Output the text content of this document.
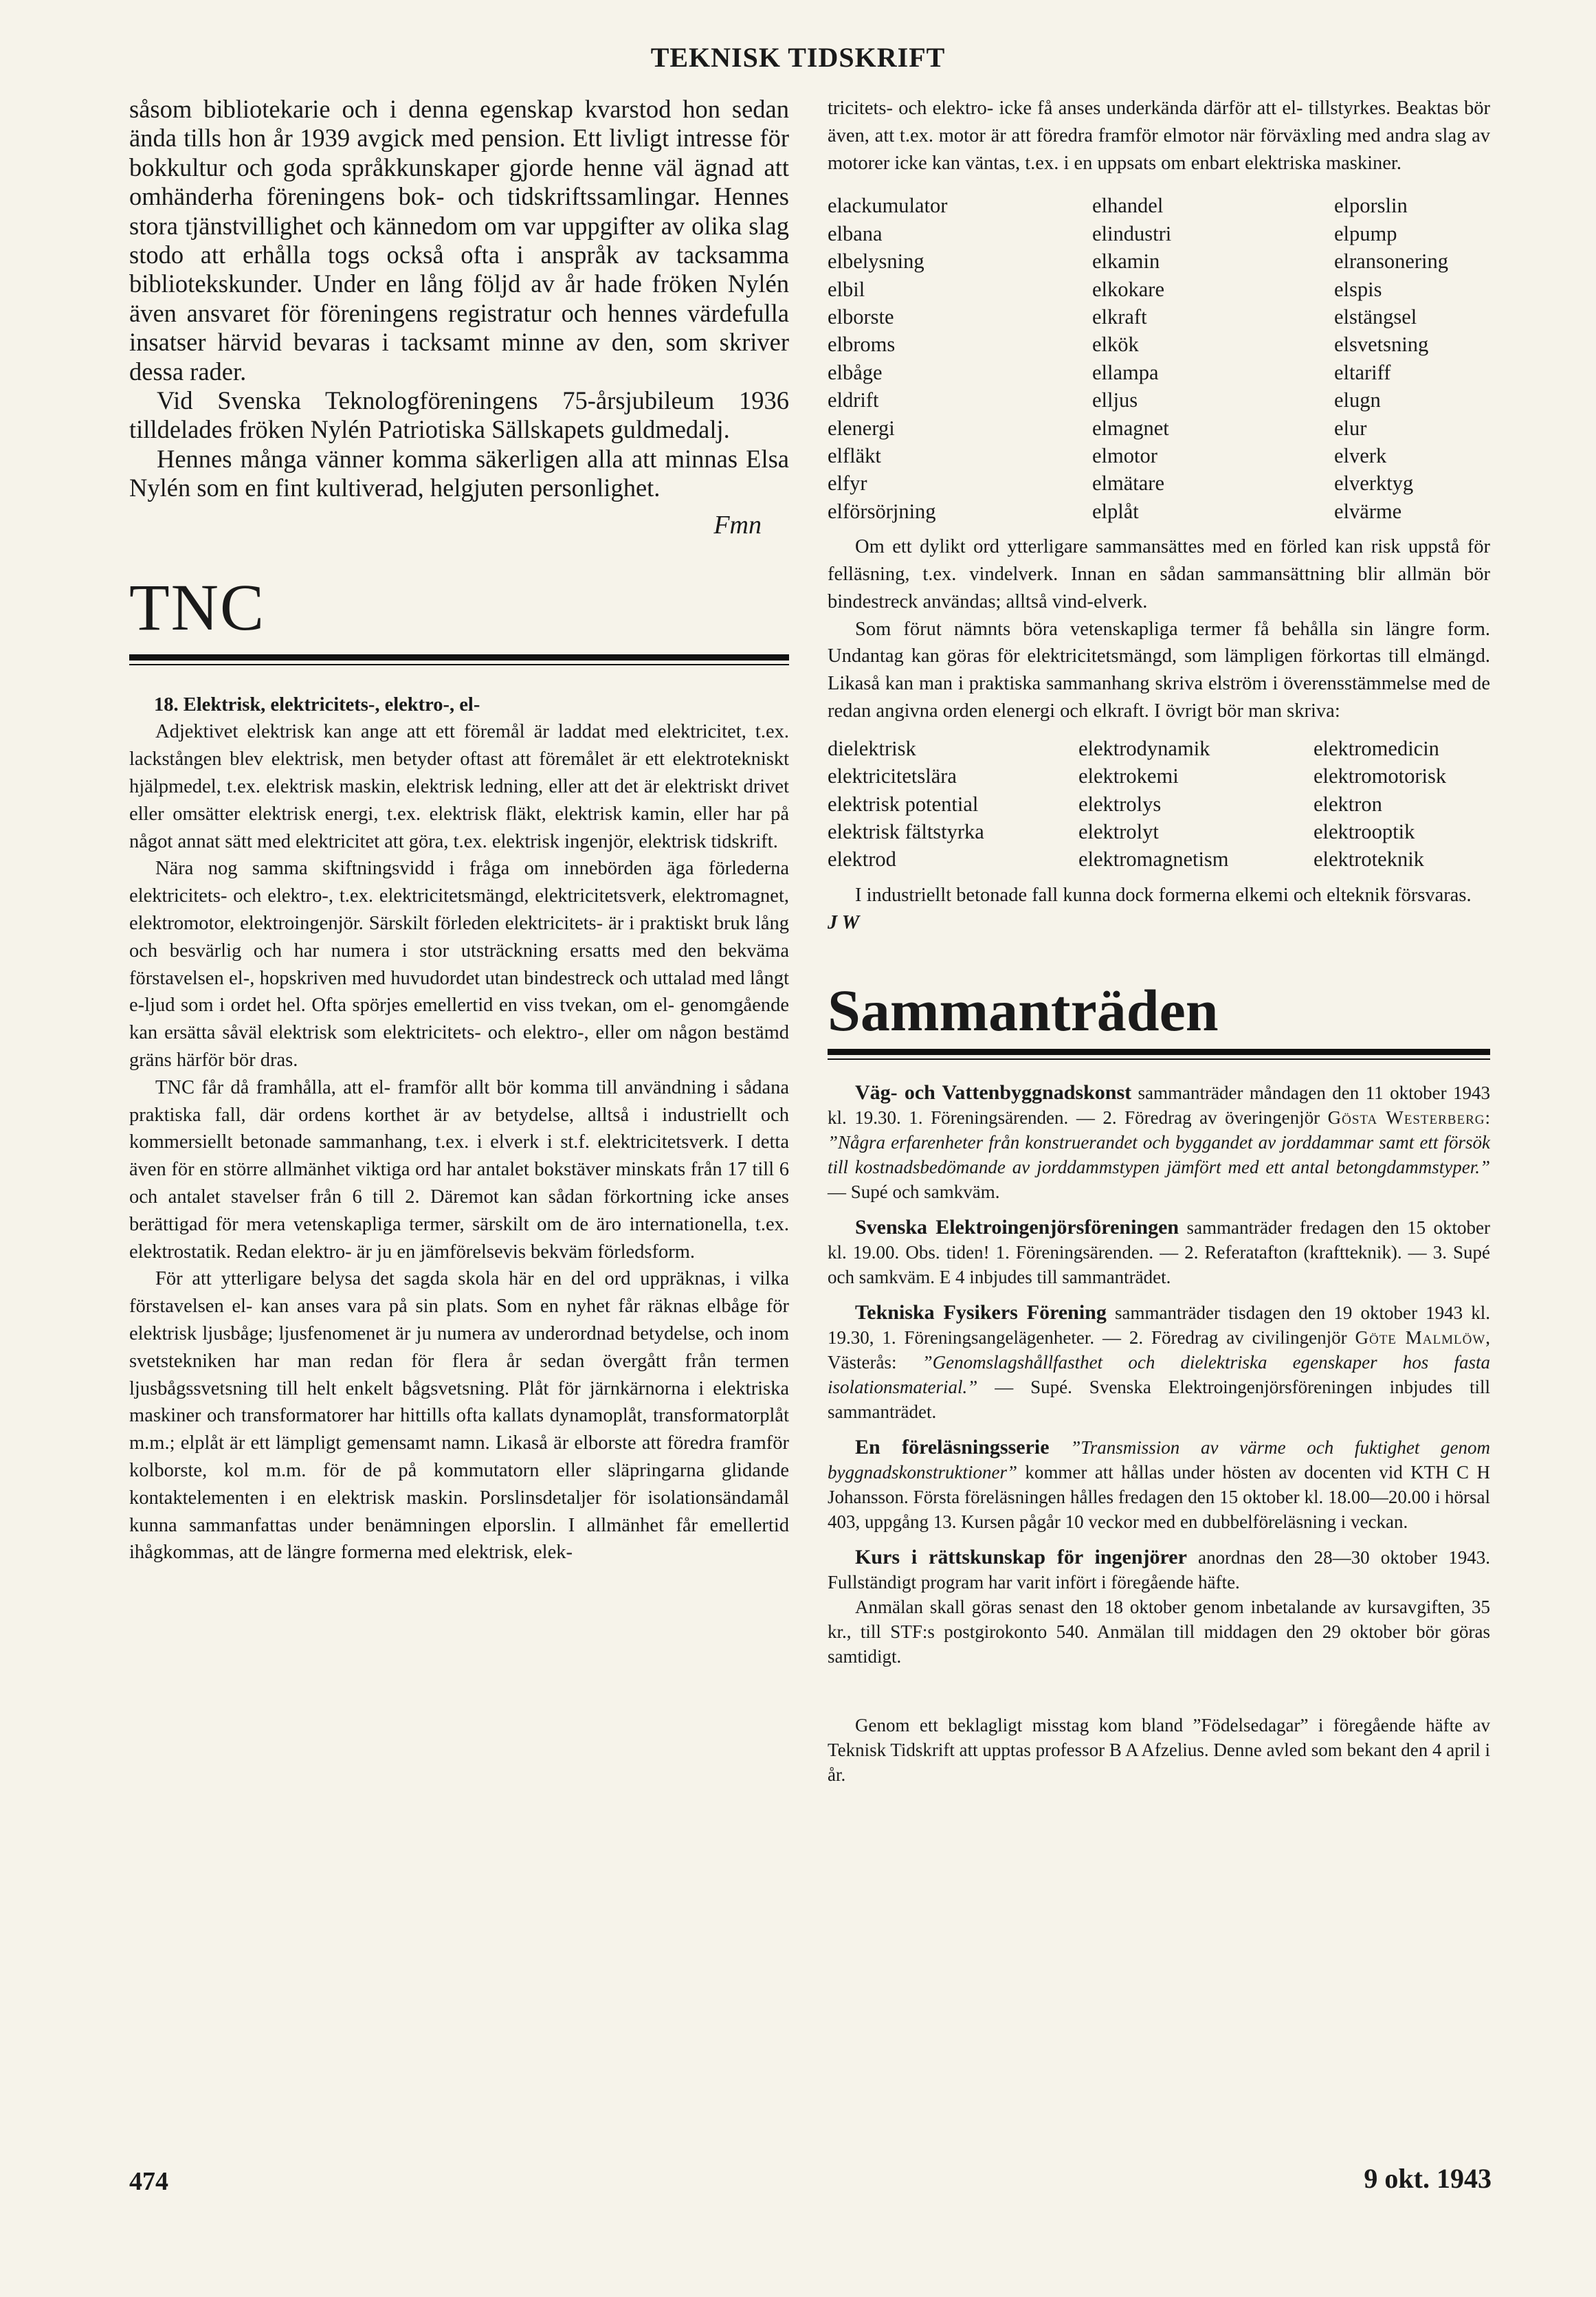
TEKNISK TIDSKRIFT

såsom bibliotekarie och i denna egenskap kvarstod hon sedan ända tills hon år 1939 avgick med pension. Ett livligt intresse för bokkultur och goda språkkunskaper gjorde henne väl ägnad att omhänderha föreningens bok- och tidskriftssamlingar. Hennes stora tjänstvillighet och kännedom om var uppgifter av olika slag stodo att erhålla togs också ofta i anspråk av tacksamma bibliotekskunder. Under en lång följd av år hade fröken Nylén även ansvaret för föreningens registratur och hennes värdefulla insatser härvid bevaras i tacksamt minne av den, som skriver dessa rader.

Vid Svenska Teknologföreningens 75-årsjubileum 1936 tilldelades fröken Nylén Patriotiska Sällskapets guldmedalj.

Hennes många vänner komma säkerligen alla att minnas Elsa Nylén som en fint kultiverad, helgjuten personlighet.

Fmn

TNC

18. Elektrisk, elektricitets-, elektro-, el-

Adjektivet elektrisk kan ange att ett föremål är laddat med elektricitet, t.ex. lackstången blev elektrisk, men betyder oftast att föremålet är ett elektrotekniskt hjälpmedel, t.ex. elektrisk maskin, elektrisk ledning, eller att det är elektriskt drivet eller omsätter elektrisk energi, t.ex. elektrisk fläkt, elektrisk kamin, eller har på något annat sätt med elektricitet att göra, t.ex. elektrisk ingenjör, elektrisk tidskrift.

Nära nog samma skiftningsvidd i fråga om innebörden äga förlederna elektricitets- och elektro-, t.ex. elektricitetsmängd, elektricitetsverk, elektromagnet, elektromotor, elektroingenjör. Särskilt förleden elektricitets- är i praktiskt bruk lång och besvärlig och har numera i stor utsträckning ersatts med den bekväma förstavelsen el-, hopskriven med huvudordet utan bindestreck och uttalad med långt e-ljud som i ordet hel. Ofta spörjes emellertid en viss tvekan, om el- genomgående kan ersätta såväl elektrisk som elektricitets- och elektro-, eller om någon bestämd gräns härför bör dras.

TNC får då framhålla, att el- framför allt bör komma till användning i sådana praktiska fall, där ordens korthet är av betydelse, alltså i industriellt och kommersiellt betonade sammanhang, t.ex. i elverk i st.f. elektricitetsverk. I detta även för en större allmänhet viktiga ord har antalet bokstäver minskats från 17 till 6 och antalet stavelser från 6 till 2. Däremot kan sådan förkortning icke anses berättigad för mera vetenskapliga termer, särskilt om de äro internationella, t.ex. elektrostatik. Redan elektro- är ju en jämförelsevis bekväm förledsform.

För att ytterligare belysa det sagda skola här en del ord uppräknas, i vilka förstavelsen el- kan anses vara på sin plats. Som en nyhet får räknas elbåge för elektrisk ljusbåge; ljusfenomenet är ju numera av underordnad betydelse, och inom svetstekniken har man redan för flera år sedan övergått från termen ljusbågssvetsning till helt enkelt bågsvetsning. Plåt för järnkärnorna i elektriska maskiner och transformatorer har hittills ofta kallats dynamoplåt, transformatorplåt m.m.; elplåt är ett lämpligt gemensamt namn. Likaså är elborste att föredra framför kolborste, kol m.m. för de på kommutatorn eller släpringarna glidande kontaktelementen i en elektrisk maskin. Porslinsdetaljer för isolationsändamål kunna sammanfattas under benämningen elporslin. I allmänhet får emellertid ihågkommas, att de längre formerna med elektrisk, elek-

tricitets- och elektro- icke få anses underkända därför att el- tillstyrkes. Beaktas bör även, att t.ex. motor är att föredra framför elmotor när förväxling med andra slag av motorer icke kan väntas, t.ex. i en uppsats om enbart elektriska maskiner.

elackumulator	elhandel	elporslin
elbana	elindustri	elpump
elbelysning	elkamin	elransonering
elbil	elkokare	elspis
elborste	elkraft	elstängsel
elbroms	elkök	elsvetsning
elbåge	ellampa	eltariff
eldrift	elljus	elugn
elenergi	elmagnet	elur
elfläkt	elmotor	elverk
elfyr	elmätare	elverktyg
elförsörjning	elplåt	elvärme

Om ett dylikt ord ytterligare sammansättes med en förled kan risk uppstå för felläsning, t.ex. vindelverk. Innan en sådan sammansättning blir allmän bör bindestreck användas; alltså vind-elverk.

Som förut nämnts böra vetenskapliga termer få behålla sin längre form. Undantag kan göras för elektricitetsmängd, som lämpligen förkortas till elmängd. Likaså kan man i praktiska sammanhang skriva elström i överensstämmelse med de redan angivna orden elenergi och elkraft. I övrigt bör man skriva:

dielektrisk	elektrodynamik	elektromedicin
elektricitetslära	elektrokemi	elektromotorisk
elektrisk potential	elektrolys	elektron
elektrisk fältstyrka	elektrolyt	elektrooptik
elektrod	elektromagnetism	elektroteknik

I industriellt betonade fall kunna dock formerna elkemi och elteknik försvaras.

J W

Sammanträden

Väg- och Vattenbyggnadskonst sammanträder måndagen den 11 oktober 1943 kl. 19.30. 1. Föreningsärenden. — 2. Föredrag av överingenjör Gösta Westerberg: ”Några erfarenheter från konstruerandet och byggandet av jorddammar samt ett försök till kostnadsbedömande av jorddammstypen jämfört med ett antal betongdammstyper.” — Supé och samkväm.

Svenska Elektroingenjörsföreningen sammanträder fredagen den 15 oktober kl. 19.00. Obs. tiden! 1. Föreningsärenden. — 2. Referatafton (kraftteknik). — 3. Supé och samkväm. E 4 inbjudes till sammanträdet.

Tekniska Fysikers Förening sammanträder tisdagen den 19 oktober 1943 kl. 19.30, 1. Föreningsangelägenheter. — 2. Föredrag av civilingenjör Göte Malmlöw, Västerås: ”Genomslagshållfasthet och dielektriska egenskaper hos fasta isolationsmaterial.” — Supé. Svenska Elektroingenjörsföreningen inbjudes till sammanträdet.

En föreläsningsserie ”Transmission av värme och fuktighet genom byggnadskonstruktioner” kommer att hållas under hösten av docenten vid KTH C H Johansson. Första föreläsningen hålles fredagen den 15 oktober kl. 18.00—20.00 i hörsal 403, uppgång 13. Kursen pågår 10 veckor med en dubbelföreläsning i veckan.

Kurs i rättskunskap för ingenjörer anordnas den 28—30 oktober 1943. Fullständigt program har varit infört i föregående häfte.

Anmälan skall göras senast den 18 oktober genom inbetalande av kursavgiften, 35 kr., till STF:s postgirokonto 540. Anmälan till middagen den 29 oktober bör göras samtidigt.

Genom ett beklagligt misstag kom bland ”Födelsedagar” i föregående häfte av Teknisk Tidskrift att upptas professor B A Afzelius. Denne avled som bekant den 4 april i år.

474	9 okt. 1943
